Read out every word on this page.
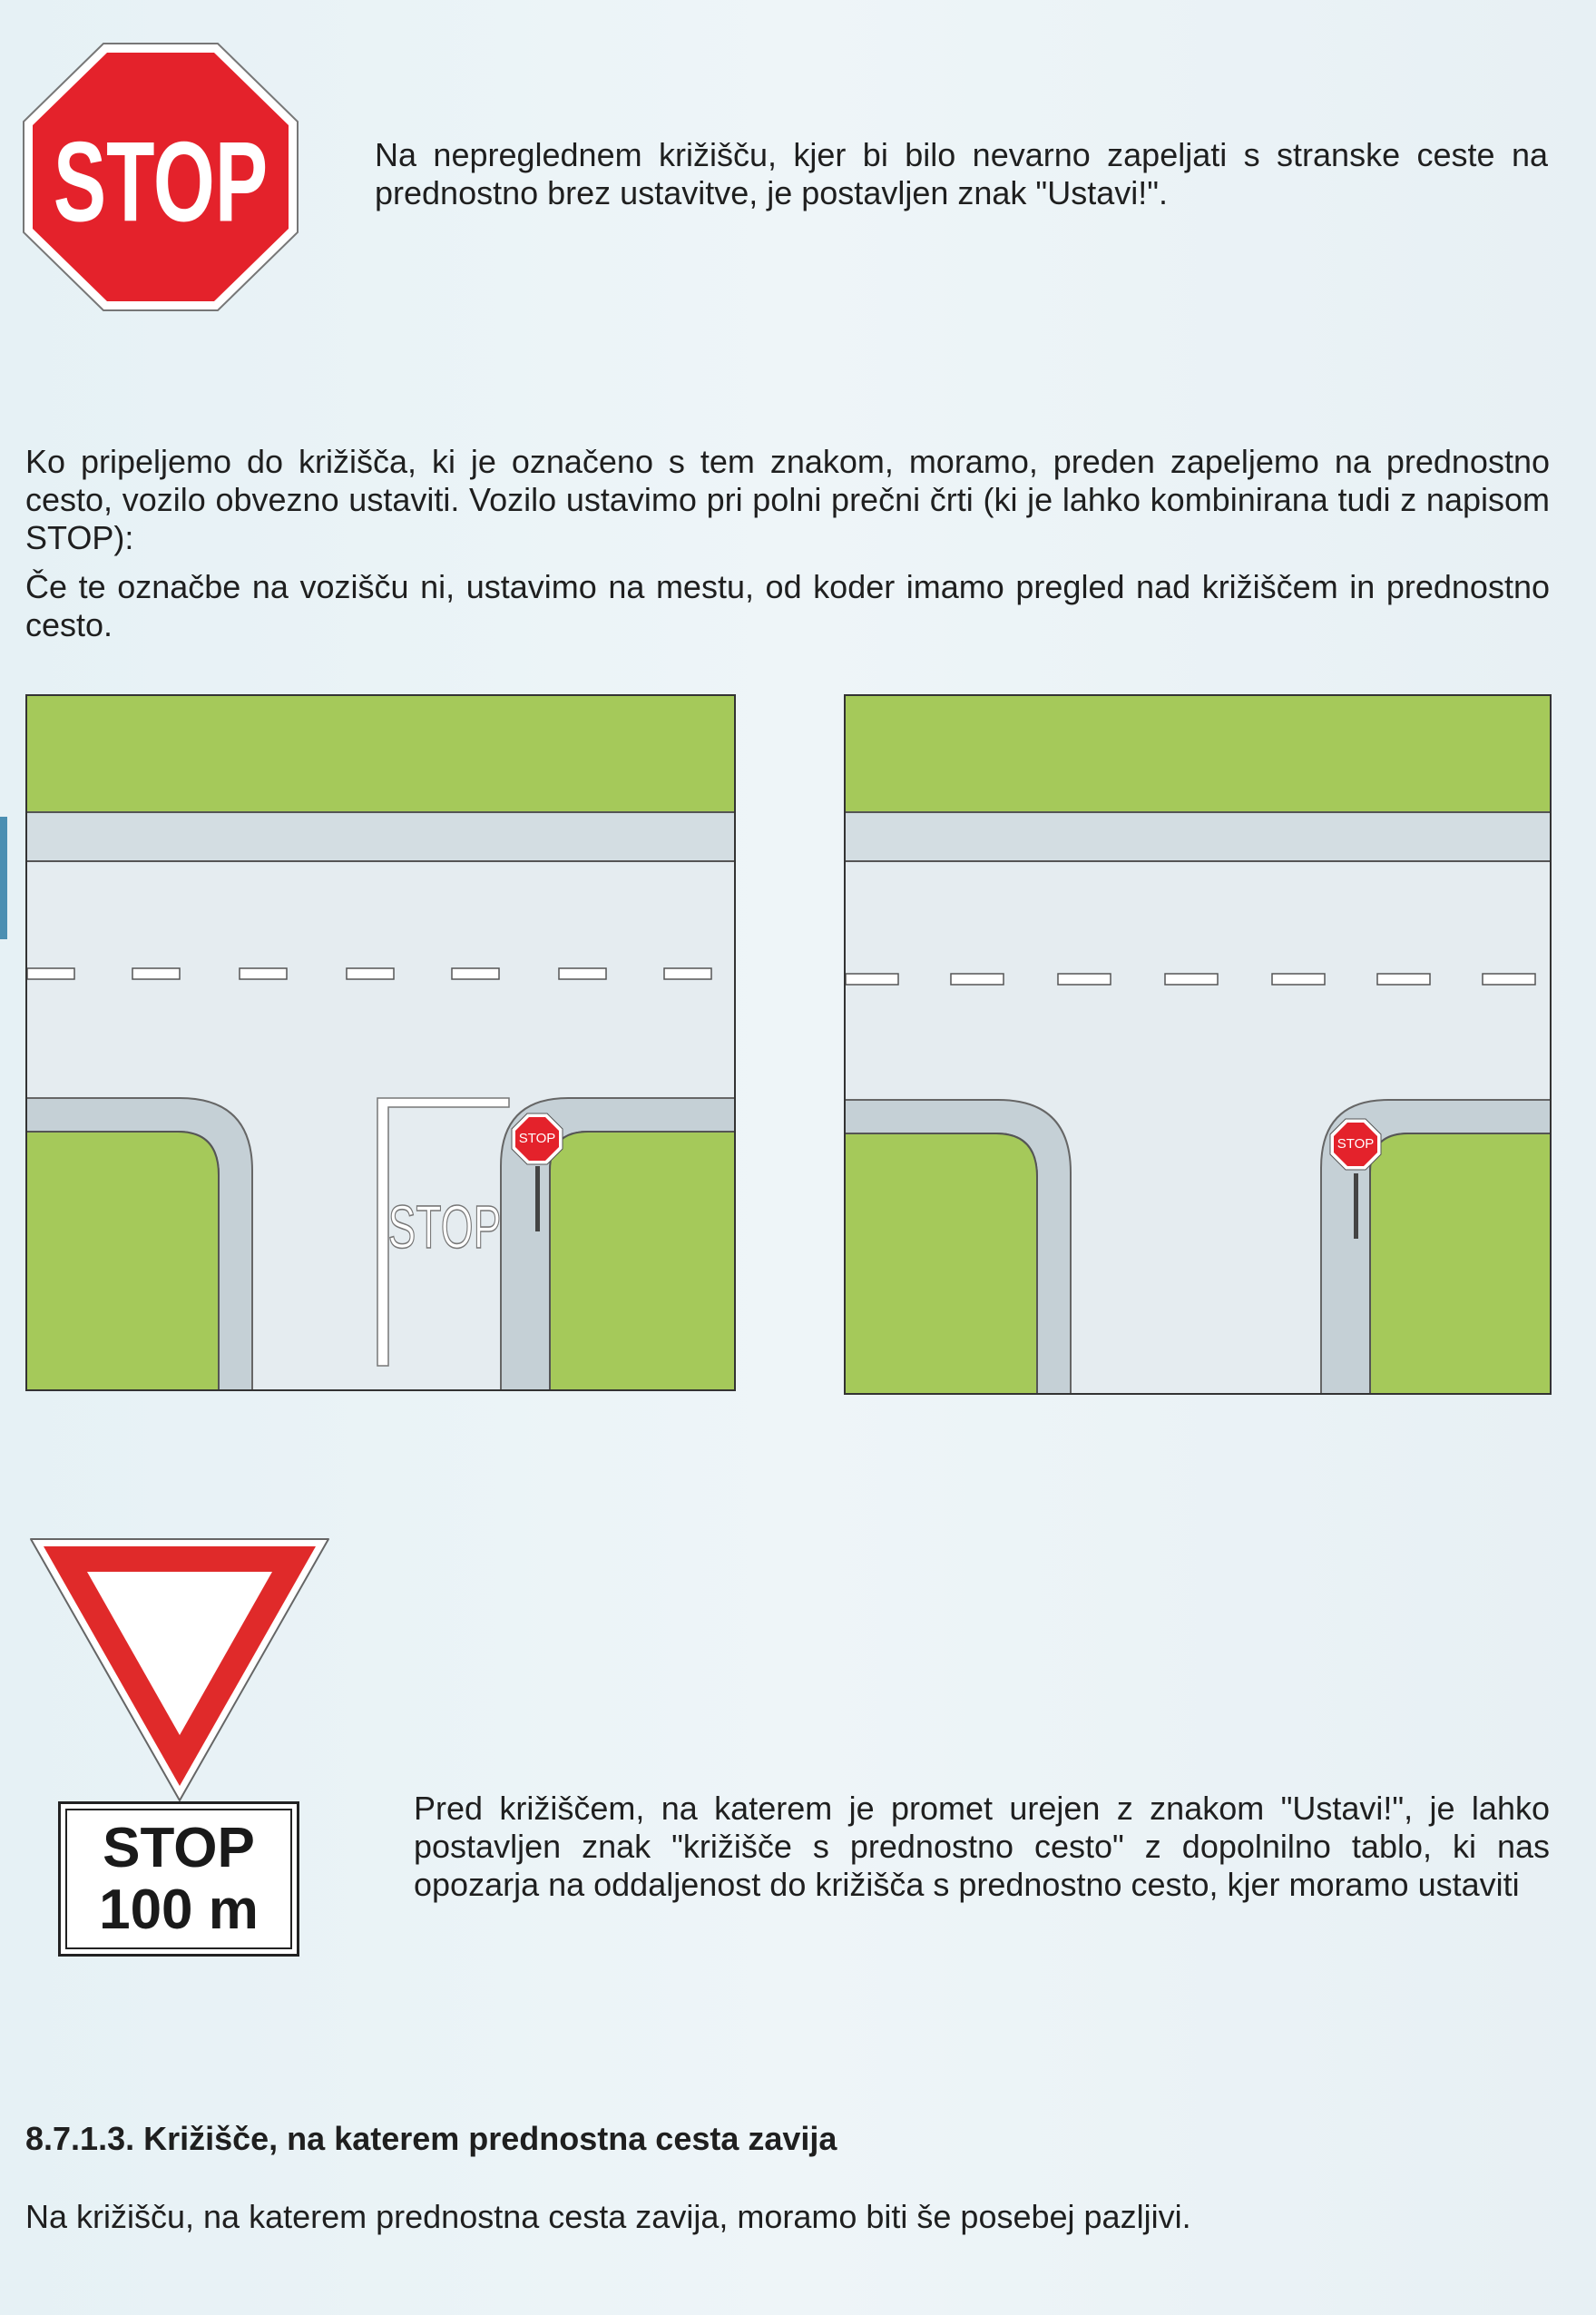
STOP	Na nepreglednem križišču, kjer bi bilo nevarno zapeljati s stranske ceste na prednostno brez ustavitve, je postavljen znak "Ustavi!".

Ko pripeljemo do križišča, ki je označeno s tem znakom, moramo, preden zapeljemo na prednostno cesto, vozilo obvezno ustaviti. Vozilo ustavimo pri polni prečni črti (ki je lahko kombinirana tudi z napisom STOP):

Če te označbe na vozišču ni, ustavimo na mestu, od koder imamo pregled nad križiščem in prednostno cesto.

STOP
STOP	STOP
STOP
100 m

Pred križiščem, na katerem je promet urejen z znakom "Ustavi!", je lahko postavljen znak "križišče s prednostno cesto" z dopolnilno tablo, ki nas opozarja na oddaljenost do križišča s prednostno cesto, kjer moramo ustaviti

8.7.1.3. Križišče, na katerem prednostna cesta zavija

Na križišču, na katerem prednostna cesta zavija, moramo biti še posebej pazljivi.
